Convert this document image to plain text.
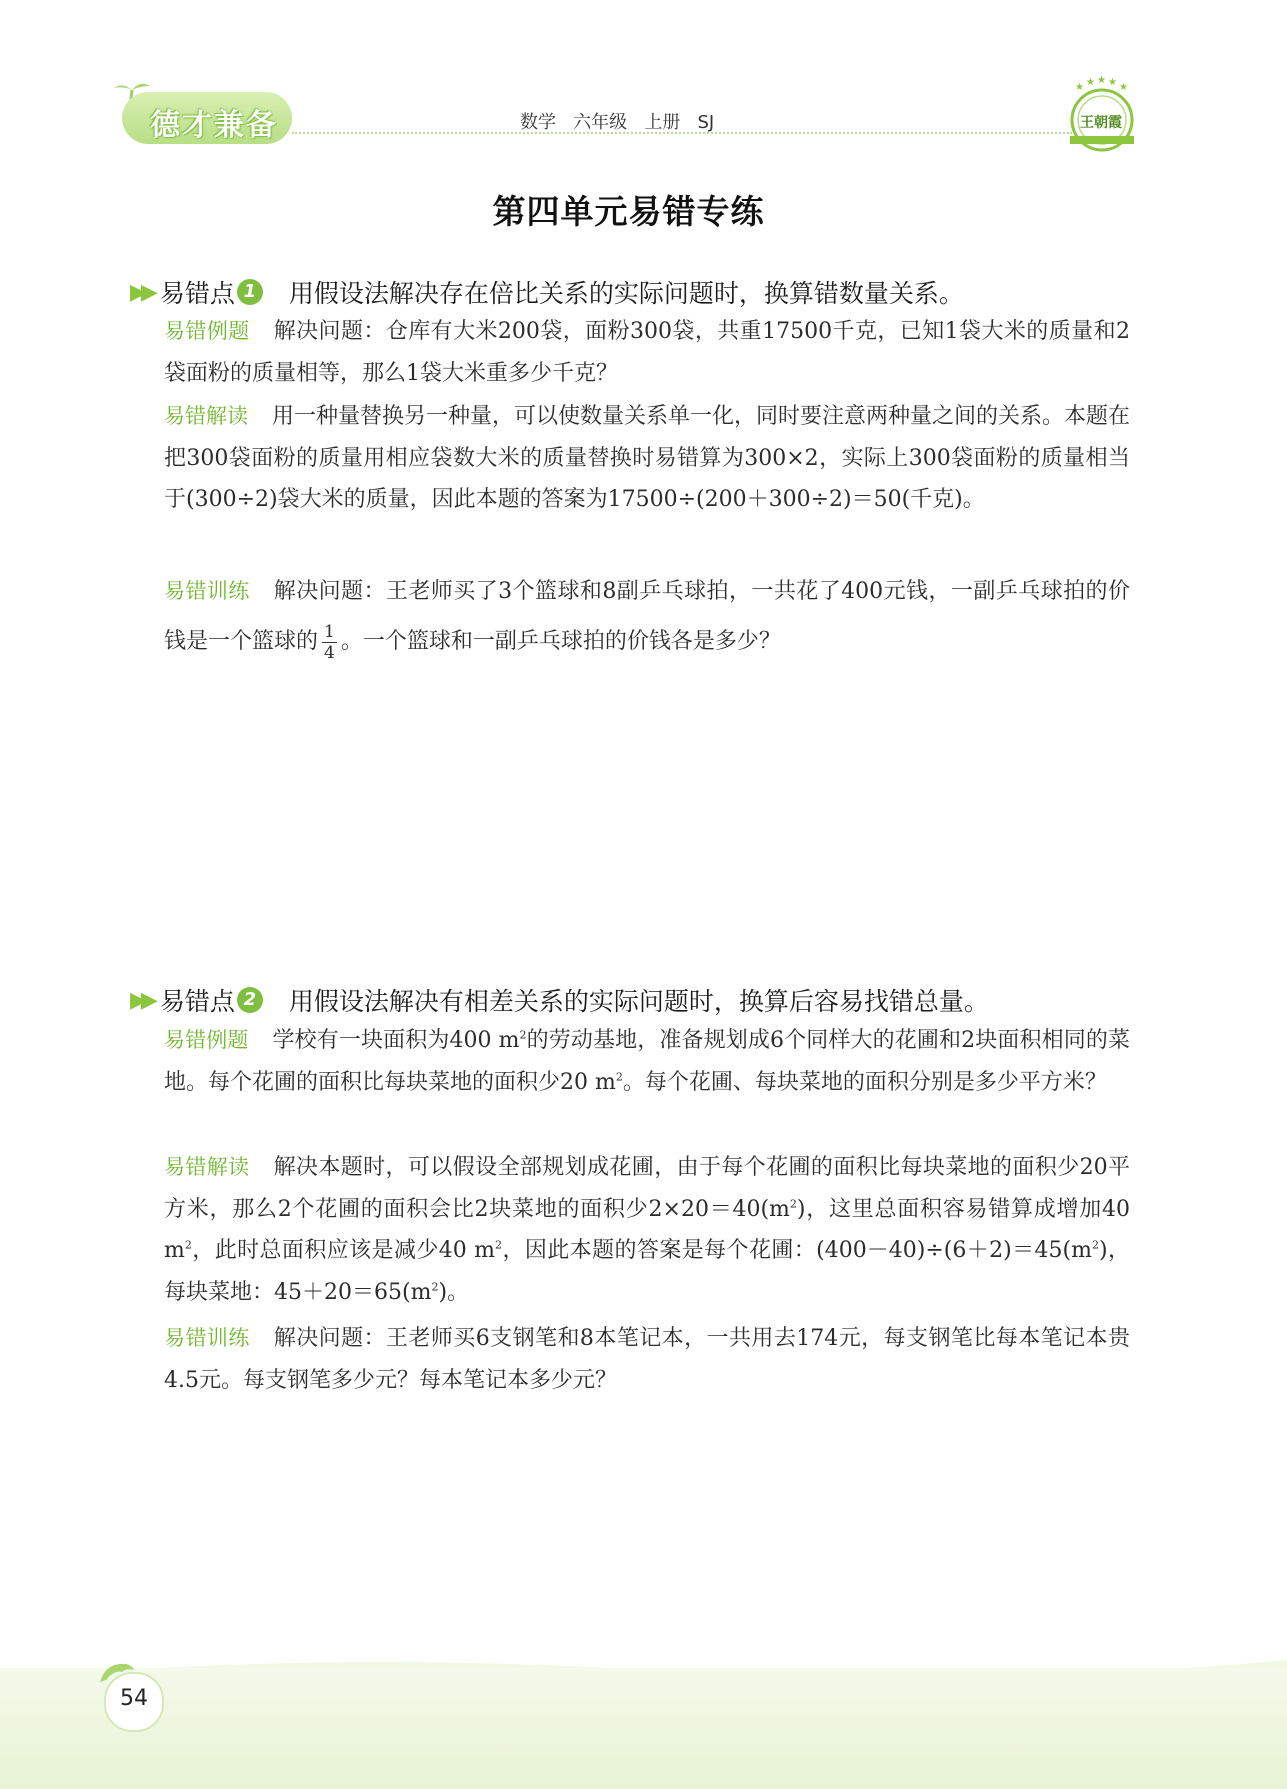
德才兼备	数学   六年级   上册   SJ
★ ★ ★ ★ ★
王朝霞
第四单元易错专练
▶▶ 易错点 1 用假设法解决存在倍比关系的实际问题时，换算错数量关系。
易错例题 解决问题：仓库有大米200袋，面粉300袋，共重17500千克，已知1袋大米的质量和2袋面粉的质量相等，那么1袋大米重多少千克？
易错解读 用一种量替换另一种量，可以使数量关系单一化，同时要注意两种量之间的关系。本题在把300袋面粉的质量用相应袋数大米的质量替换时易错算为300×2，实际上300袋面粉的质量相当于(300÷2)袋大米的质量，因此本题的答案为17500÷(200＋300÷2)＝50(千克)。
易错训练 解决问题：王老师买了3个篮球和8副乒乓球拍，一共花了400元钱，一副乒乓球拍的价钱是一个篮球的 $\frac{1}{4}$ 。一个篮球和一副乒乓球拍的价钱各是多少？
▶▶ 易错点 2 用假设法解决有相差关系的实际问题时，换算后容易找错总量。
易错例题 学校有一块面积为400 $m^2$的劳动基地，准备规划成6个同样大的花圃和2块面积相同的菜地。每个花圃的面积比每块菜地的面积少20 $m^2$。每个花圃、每块菜地的面积分别是多少平方米？
易错解读 解决本题时，可以假设全部规划成花圃，由于每个花圃的面积比每块菜地的面积少20平方米，那么2个花圃的面积会比2块菜地的面积少$2\times 20=40(m^2)$，这里总面积容易错算成增加40 $m^2$，此时总面积应该是减少40 $m^2$，因此本题的答案是每个花圃：$(400-40)\div(6+2)=45(m^2)$，每块菜地：$45+20=65(m^2)$。
易错训练 解决问题：王老师买6支钢笔和8本笔记本，一共用去174元，每支钢笔比每本笔记本贵4.5元。每支钢笔多少元？每本笔记本多少元？
54
